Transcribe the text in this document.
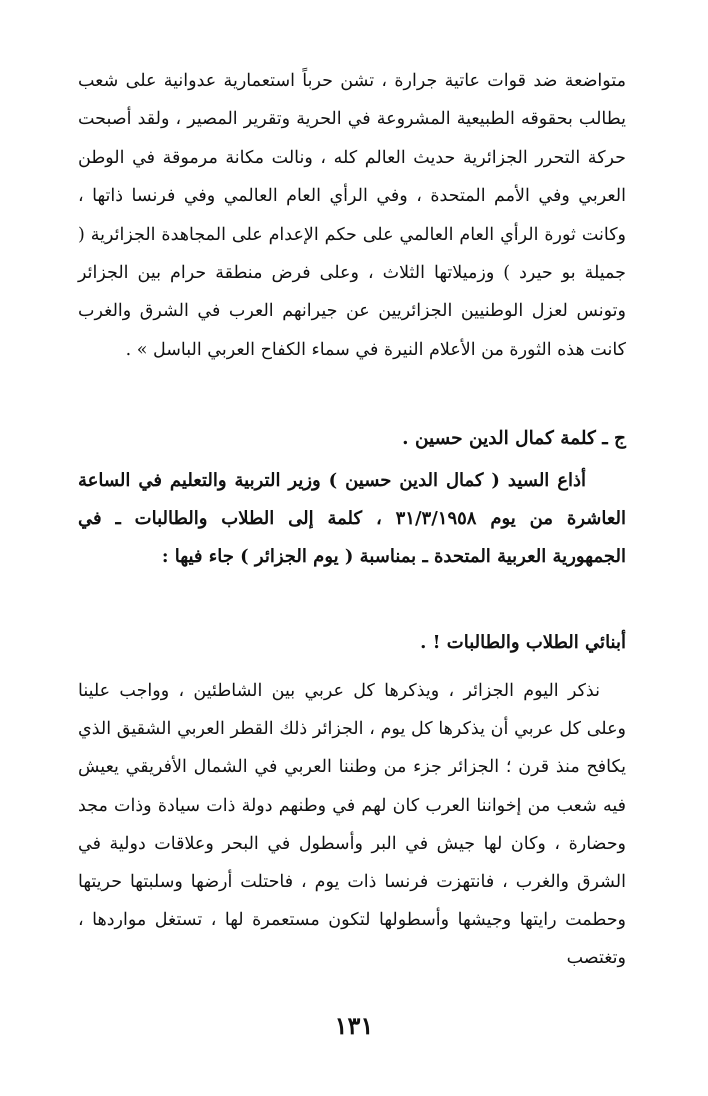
متواضعة ضد قوات عاتية جرارة ، تشن حرباً استعمارية عدوانية على شعب يطالب بحقوقه الطبيعية المشروعة في الحرية وتقرير المصير ، ولقد أصبحت حركة التحرر الجزائرية حديث العالم كله ، ونالت مكانة مرموقة في الوطن العربي وفي الأمم المتحدة ، وفي الرأي العام العالمي وفي فرنسا ذاتها ، وكانت ثورة الرأي العام العالمي على حكم الإعدام على المجاهدة الجزائرية ( جميلة بو حيرد ) وزميلاتها الثلاث ، وعلى فرض منطقة حرام بين الجزائر وتونس لعزل الوطنيين الجزائريين عن جيرانهم العرب في الشرق والغرب كانت هذه الثورة من الأعلام النيرة في سماء الكفاح العربي الباسل » .

ج ـ كلمة كمال الدين حسين .

أذاع السيد ( كمال الدين حسين ) وزير التربية والتعليم في الساعة العاشرة من يوم ٣١/٣/١٩٥٨ ، كلمة إلى الطلاب والطالبات ـ في الجمهورية العربية المتحدة ـ بمناسبة ( يوم الجزائر ) جاء فيها :

أبنائي الطلاب والطالبات ! .

نذكر اليوم الجزائر ، ويذكرها كل عربي بين الشاطئين ، وواجب علينا وعلى كل عربي أن يذكرها كل يوم ، الجزائر ذلك القطر العربي الشقيق الذي يكافح منذ قرن ؛ الجزائر جزء من وطننا العربي في الشمال الأفريقي يعيش فيه شعب من إخواننا العرب كان لهم في وطنهم دولة ذات سيادة وذات مجد وحضارة ، وكان لها جيش في البر وأسطول في البحر وعلاقات دولية في الشرق والغرب ، فانتهزت فرنسا ذات يوم ، فاحتلت أرضها وسلبتها حريتها وحطمت رايتها وجيشها وأسطولها لتكون مستعمرة لها ، تستغل مواردها ، وتغتصب

١٣١
